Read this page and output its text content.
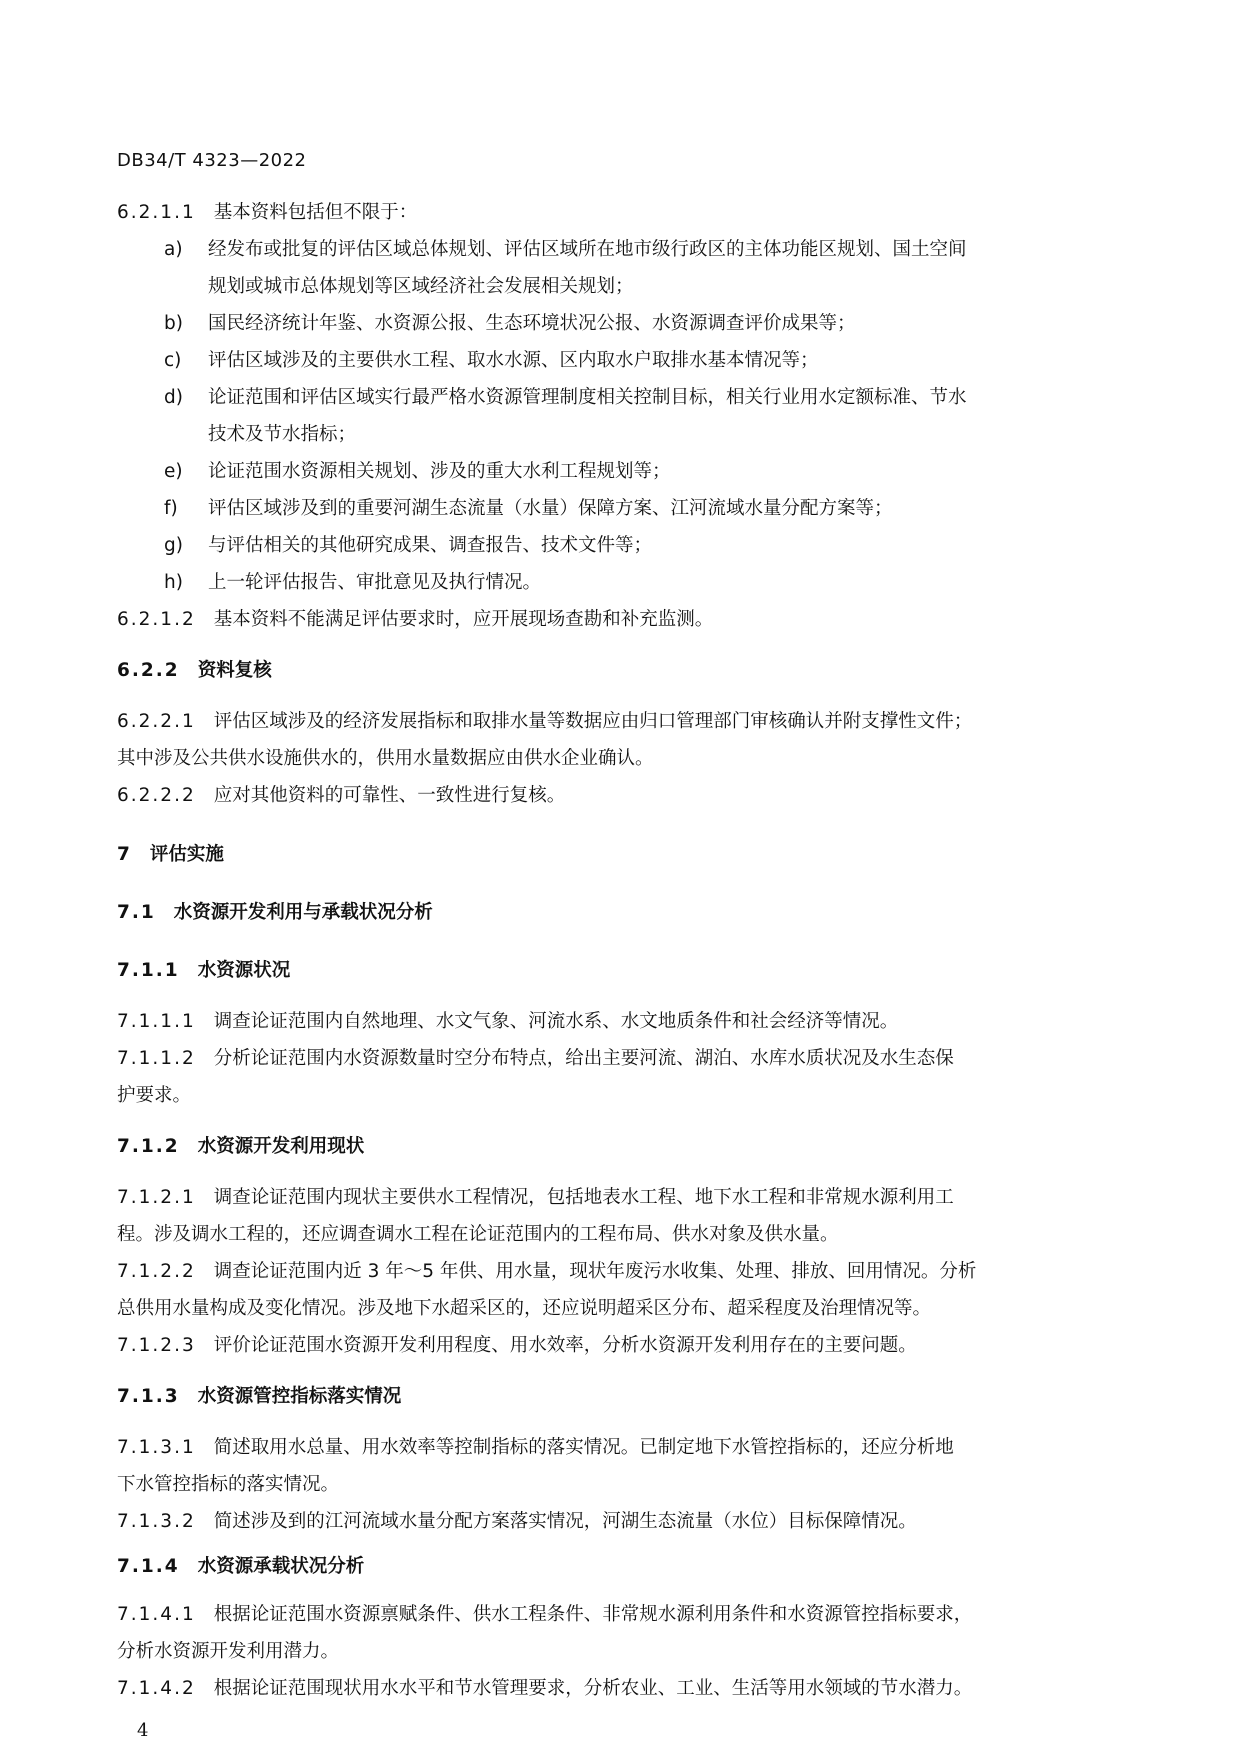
DB34/T 4323—2022
6.2.1.1 基本资料包括但不限于：
a) 经发布或批复的评估区域总体规划、评估区域所在地市级行政区的主体功能区规划、国土空间
规划或城市总体规划等区域经济社会发展相关规划；
b) 国民经济统计年鉴、水资源公报、生态环境状况公报、水资源调查评价成果等；
c) 评估区域涉及的主要供水工程、取水水源、区内取水户取排水基本情况等；
d) 论证范围和评估区域实行最严格水资源管理制度相关控制目标，相关行业用水定额标准、节水
技术及节水指标；
e) 论证范围水资源相关规划、涉及的重大水利工程规划等；
f) 评估区域涉及到的重要河湖生态流量（水量）保障方案、江河流域水量分配方案等；
g) 与评估相关的其他研究成果、调查报告、技术文件等；
h) 上一轮评估报告、审批意见及执行情况。
6.2.1.2 基本资料不能满足评估要求时，应开展现场查勘和补充监测。
6.2.2 资料复核
6.2.2.1 评估区域涉及的经济发展指标和取排水量等数据应由归口管理部门审核确认并附支撑性文件；
其中涉及公共供水设施供水的，供用水量数据应由供水企业确认。
6.2.2.2 应对其他资料的可靠性、一致性进行复核。
7 评估实施
7.1 水资源开发利用与承载状况分析
7.1.1 水资源状况
7.1.1.1 调查论证范围内自然地理、水文气象、河流水系、水文地质条件和社会经济等情况。
7.1.1.2 分析论证范围内水资源数量时空分布特点，给出主要河流、湖泊、水库水质状况及水生态保
护要求。
7.1.2 水资源开发利用现状
7.1.2.1 调查论证范围内现状主要供水工程情况，包括地表水工程、地下水工程和非常规水源利用工
程。涉及调水工程的，还应调查调水工程在论证范围内的工程布局、供水对象及供水量。
7.1.2.2 调查论证范围内近 3 年～5 年供、用水量，现状年废污水收集、处理、排放、回用情况。分析
总供用水量构成及变化情况。涉及地下水超采区的，还应说明超采区分布、超采程度及治理情况等。
7.1.2.3 评价论证范围水资源开发利用程度、用水效率，分析水资源开发利用存在的主要问题。
7.1.3 水资源管控指标落实情况
7.1.3.1 简述取用水总量、用水效率等控制指标的落实情况。已制定地下水管控指标的，还应分析地
下水管控指标的落实情况。
7.1.3.2 简述涉及到的江河流域水量分配方案落实情况，河湖生态流量（水位）目标保障情况。
7.1.4 水资源承载状况分析
7.1.4.1 根据论证范围水资源禀赋条件、供水工程条件、非常规水源利用条件和水资源管控指标要求，
分析水资源开发利用潜力。
7.1.4.2 根据论证范围现状用水水平和节水管理要求，分析农业、工业、生活等用水领域的节水潜力。
4
